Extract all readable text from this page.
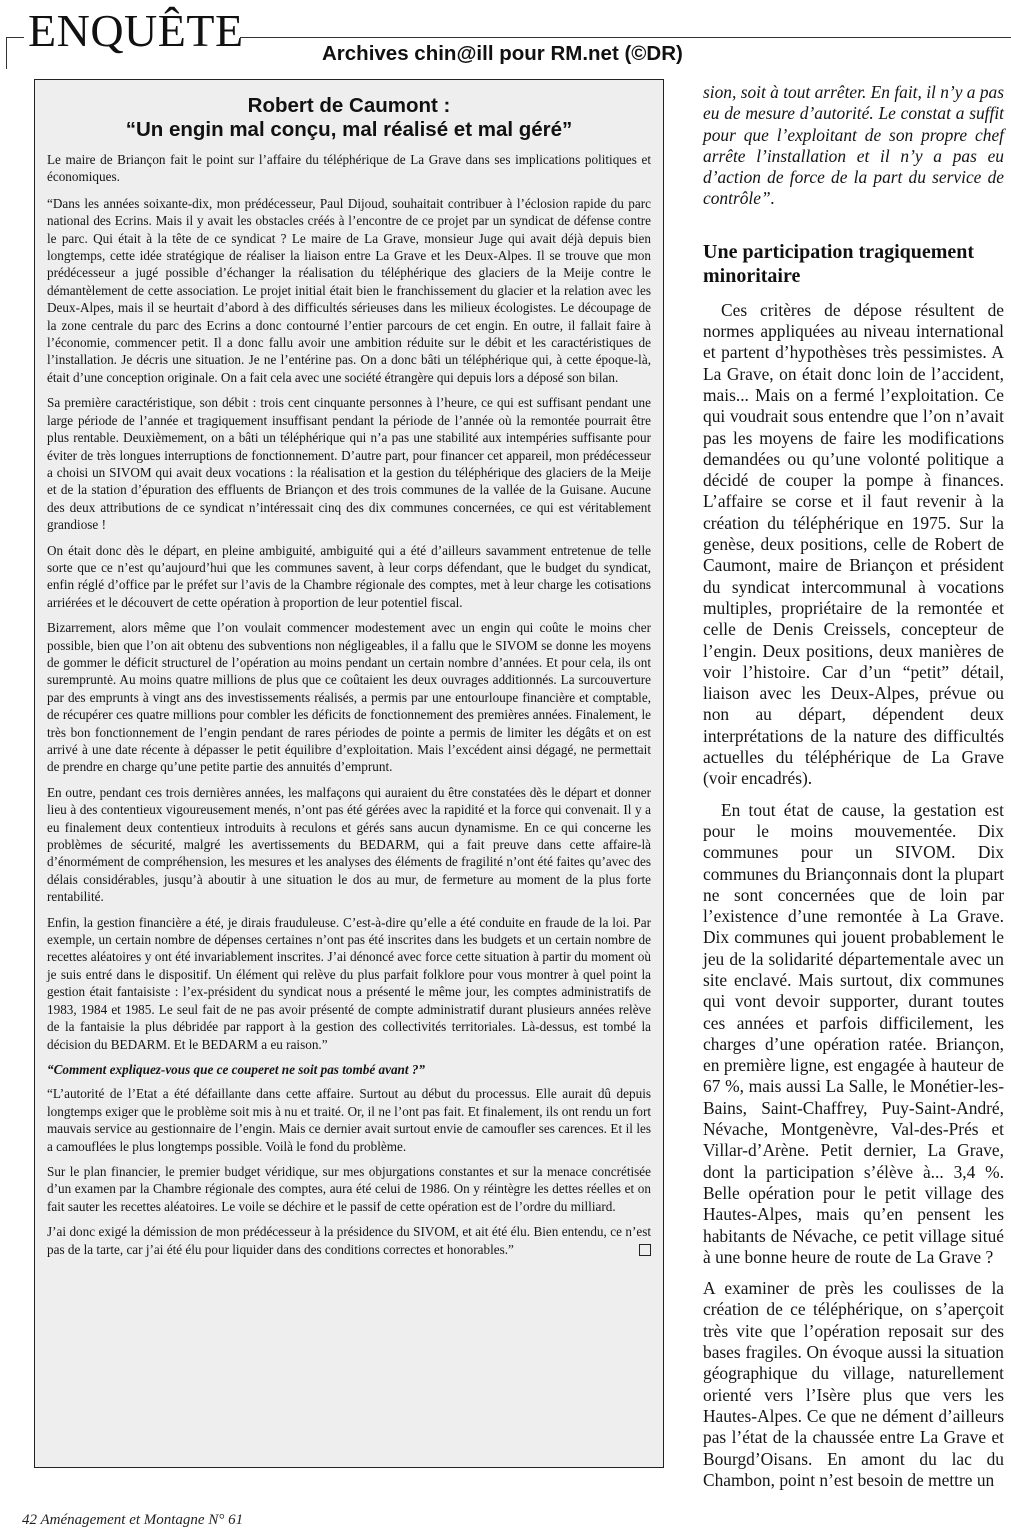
ENQUÊTE	Archives chin@ill pour RM.net (©DR)

Robert de Caumont :
“Un engin mal conçu, mal réalisé et mal géré”

Le maire de Briançon fait le point sur l’affaire du téléphérique de La Grave dans ses implications politiques et économiques.

“Dans les années soixante-dix, mon prédécesseur, Paul Dijoud, souhaitait contribuer à l’éclosion rapide du parc national des Ecrins. Mais il y avait les obstacles créés à l’encontre de ce projet par un syndicat de défense contre le parc. Qui était à la tête de ce syndicat ? Le maire de La Grave, monsieur Juge qui avait déjà depuis bien longtemps, cette idée stratégique de réaliser la liaison entre La Grave et les Deux-Alpes. Il se trouve que mon prédécesseur a jugé possible d’échanger la réalisation du téléphérique des glaciers de la Meije contre le démantèlement de cette association. Le projet initial était bien le franchissement du glacier et la relation avec les Deux-Alpes, mais il se heurtait d’abord à des difficultés sérieuses dans les milieux écologistes. Le découpage de la zone centrale du parc des Ecrins a donc contourné l’entier parcours de cet engin. En outre, il fallait faire à l’économie, commencer petit. Il a donc fallu avoir une ambition réduite sur le débit et les caractéristiques de l’installation. Je décris une situation. Je ne l’entérine pas. On a donc bâti un téléphérique qui, à cette époque-là, était d’une conception originale. On a fait cela avec une société étrangère qui depuis lors a déposé son bilan.

Sa première caractéristique, son débit : trois cent cinquante personnes à l’heure, ce qui est suffisant pendant une large période de l’année et tragiquement insuffisant pendant la période de l’année où la remontée pourrait être plus rentable. Deuxièmement, on a bâti un téléphérique qui n’a pas une stabilité aux intempéries suffisante pour éviter de très longues interruptions de fonctionnement. D’autre part, pour financer cet appareil, mon prédécesseur a choisi un SIVOM qui avait deux vocations : la réalisation et la gestion du téléphérique des glaciers de la Meije et de la station d’épuration des effluents de Briançon et des trois communes de la vallée de la Guisane. Aucune des deux attributions de ce syndicat n’intéressait cinq des dix communes concernées, ce qui est véritablement grandiose !

On était donc dès le départ, en pleine ambiguité, ambiguité qui a été d’ailleurs savamment entretenue de telle sorte que ce n’est qu’aujourd’hui que les communes savent, à leur corps défendant, que le budget du syndicat, enfin réglé d’office par le préfet sur l’avis de la Chambre régionale des comptes, met à leur charge les cotisations arriérées et le découvert de cette opération à proportion de leur potentiel fiscal.

Bizarrement, alors même que l’on voulait commencer modestement avec un engin qui coûte le moins cher possible, bien que l’on ait obtenu des subventions non négligeables, il a fallu que le SIVOM se donne les moyens de gommer le déficit structurel de l’opération au moins pendant un certain nombre d’années. Et pour cela, ils ont surempruntė. Au moins quatre millions de plus que ce coûtaient les deux ouvrages additionnés. La surcouverture par des emprunts à vingt ans des investissements réalisés, a permis par une entourloupe financière et comptable, de récupérer ces quatre millions pour combler les déficits de fonctionnement des premières années. Finalement, le très bon fonctionnement de l’engin pendant de rares périodes de pointe a permis de limiter les dégâts et on est arrivé à une date récente à dépasser le petit équilibre d’exploitation. Mais l’excédent ainsi dégagé, ne permettait de prendre en charge qu’une petite partie des annuités d’emprunt.

En outre, pendant ces trois dernières années, les malfaçons qui auraient du être constatées dès le départ et donner lieu à des contentieux vigoureusement menés, n’ont pas été gérées avec la rapidité et la force qui convenait. Il y a eu finalement deux contentieux introduits à reculons et gérés sans aucun dynamisme. En ce qui concerne les problèmes de sécurité, malgré les avertissements du BEDARM, qui a fait preuve dans cette affaire-là d’énormément de compréhension, les mesures et les analyses des éléments de fragilité n’ont été faites qu’avec des délais considérables, jusqu’à aboutir à une situation le dos au mur, de fermeture au moment de la plus forte rentabilité.

Enfin, la gestion financière a été, je dirais frauduleuse. C’est-à-dire qu’elle a été conduite en fraude de la loi. Par exemple, un certain nombre de dépenses certaines n’ont pas été inscrites dans les budgets et un certain nombre de recettes aléatoires y ont été invariablement inscrites. J’ai dénoncé avec force cette situation à partir du moment où je suis entré dans le dispositif. Un élément qui relève du plus parfait folklore pour vous montrer à quel point la gestion était fantaisiste : l’ex-président du syndicat nous a présenté le même jour, les comptes administratifs de 1983, 1984 et 1985. Le seul fait de ne pas avoir présenté de compte administratif durant plusieurs années relève de la fantaisie la plus débridée par rapport à la gestion des collectivités territoriales. Là-dessus, est tombé la décision du BEDARM. Et le BEDARM a eu raison.”

“Comment expliquez-vous que ce couperet ne soit pas tombé avant ?”

“L’autorité de l’Etat a été défaillante dans cette affaire. Surtout au début du processus. Elle aurait dû depuis longtemps exiger que le problème soit mis à nu et traité. Or, il ne l’ont pas fait. Et finalement, ils ont rendu un fort mauvais service au gestionnaire de l’engin. Mais ce dernier avait surtout envie de camoufler ses carences. Et il les a camouflées le plus longtemps possible. Voilà le fond du problème.

Sur le plan financier, le premier budget véridique, sur mes objurgations constantes et sur la menace concrétisée d’un examen par la Chambre régionale des comptes, aura été celui de 1986. On y réintègre les dettes réelles et on fait sauter les recettes aléatoires. Le voile se déchire et le passif de cette opération est de l’ordre du milliard.

J’ai donc exigé la démission de mon prédécesseur à la présidence du SIVOM, et ait été élu. Bien entendu, ce n’est pas de la tarte, car j’ai été élu pour liquider dans des conditions correctes et honorables.”

sion, soit à tout arrêter. En fait, il n’y a pas eu de mesure d’autorité. Le constat a suffit pour que l’exploitant de son propre chef arrête l’installation et il n’y a pas eu d’action de force de la part du service de contrôle”.

Une participation tragiquement minoritaire

Ces critères de dépose résultent de normes appliquées au niveau international et partent d’hypothèses très pessimistes. A La Grave, on était donc loin de l’accident, mais... Mais on a fermé l’exploitation. Ce qui voudrait sous entendre que l’on n’avait pas les moyens de faire les modifications demandées ou qu’une volonté politique a décidé de couper la pompe à finances. L’affaire se corse et il faut revenir à la création du téléphérique en 1975. Sur la genèse, deux positions, celle de Robert de Caumont, maire de Briançon et président du syndicat intercommunal à vocations multiples, propriétaire de la remontée et celle de Denis Creissels, concepteur de l’engin. Deux positions, deux manières de voir l’histoire. Car d’un “petit” détail, liaison avec les Deux-Alpes, prévue ou non au départ, dépendent deux interprétations de la nature des difficultés actuelles du téléphérique de La Grave (voir encadrés).

En tout état de cause, la gestation est pour le moins mouvementée. Dix communes pour un SIVOM. Dix communes du Briançonnais dont la plupart ne sont concernées que de loin par l’existence d’une remontée à La Grave. Dix communes qui jouent probablement le jeu de la solidarité départementale avec un site enclavé. Mais surtout, dix communes qui vont devoir supporter, durant toutes ces années et parfois difficilement, les charges d’une opération ratée. Briançon, en première ligne, est engagée à hauteur de 67 %, mais aussi La Salle, le Monétier-les-Bains, Saint-Chaffrey, Puy-Saint-André, Névache, Montgenèvre, Val-des-Prés et Villar-d’Arène. Petit dernier, La Grave, dont la participation s’élève à... 3,4 %. Belle opération pour le petit village des Hautes-Alpes, mais qu’en pensent les habitants de Névache, ce petit village situé à une bonne heure de route de La Grave ?

A examiner de près les coulisses de la création de ce téléphérique, on s’aperçoit très vite que l’opération reposait sur des bases fragiles. On évoque aussi la situation géographique du village, naturellement orienté vers l’Isère plus que vers les Hautes-Alpes. Ce que ne dément d’ailleurs pas l’état de la chaussée entre La Grave et Bourgd’Oisans. En amont du lac du Chambon, point n’est besoin de mettre un

42 Aménagement et Montagne N° 61
